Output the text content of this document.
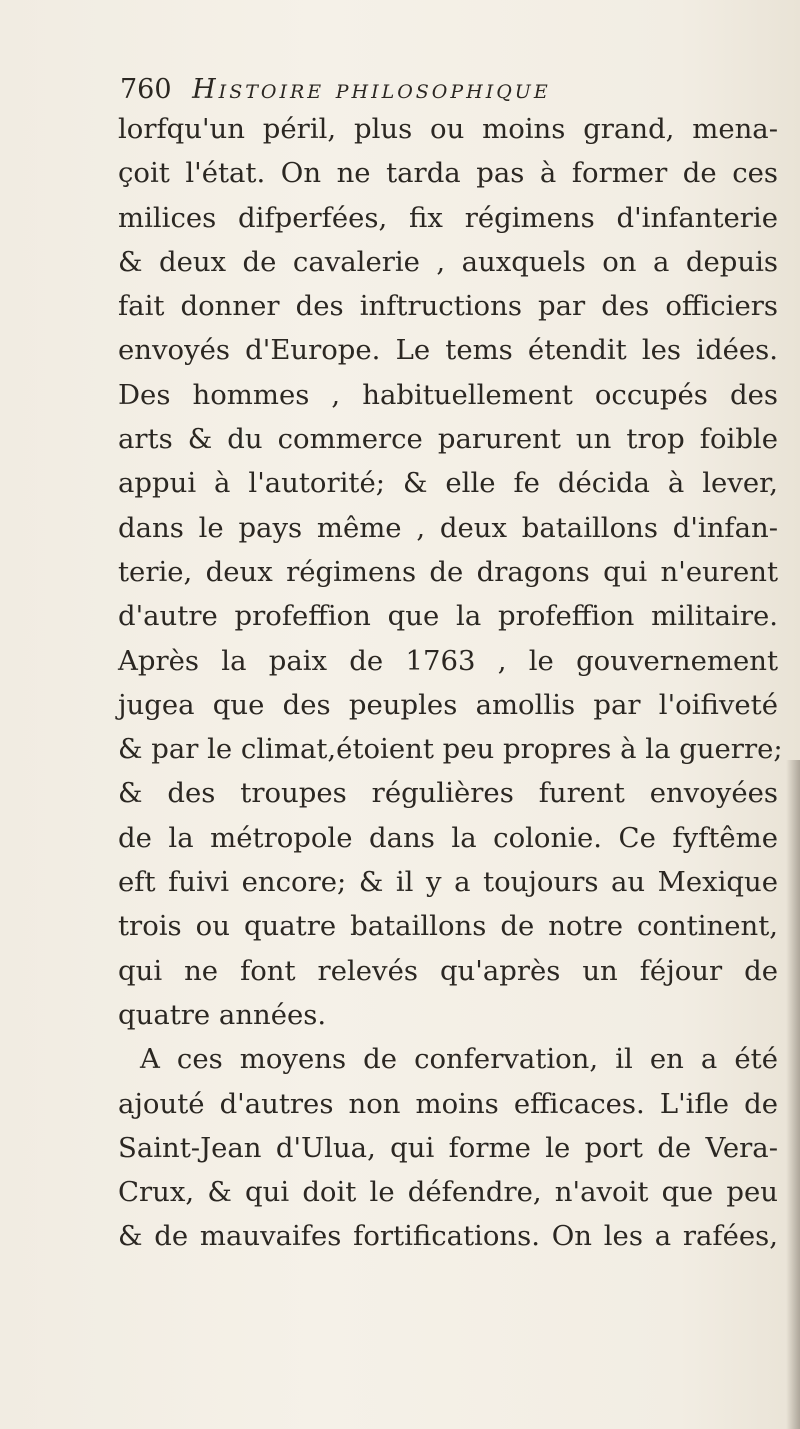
760 Histoire philosophique
lorfqu'un péril, plus ou moins grand, mena-
çoit l'état. On ne tarda pas à former de ces
milices difperfées, fix régimens d'infanterie
& deux de cavalerie , auxquels on a depuis
fait donner des inftructions par des officiers
envoyés d'Europe. Le tems étendit les idées.
Des hommes , habituellement occupés des
arts & du commerce parurent un trop foible
appui à l'autorité; & elle fe décida à lever,
dans le pays même , deux bataillons d'infan-
terie, deux régimens de dragons qui n'eurent
d'autre profeffion que la profeffion militaire.
Après la paix de 1763 , le gouvernement
jugea que des peuples amollis par l'oifiveté
& par le climat,étoient peu propres à la guerre;
& des troupes régulières furent envoyées
de la métropole dans la colonie. Ce fyftême
eft fuivi encore; & il y a toujours au Mexique
trois ou quatre bataillons de notre continent,
qui ne font relevés qu'après un féjour de
quatre années.
A ces moyens de confervation, il en a été
ajouté d'autres non moins efficaces. L'ifle de
Saint-Jean d'Ulua, qui forme le port de Vera-
Crux, & qui doit le défendre, n'avoit que peu
& de mauvaifes fortifications. On les a rafées,
